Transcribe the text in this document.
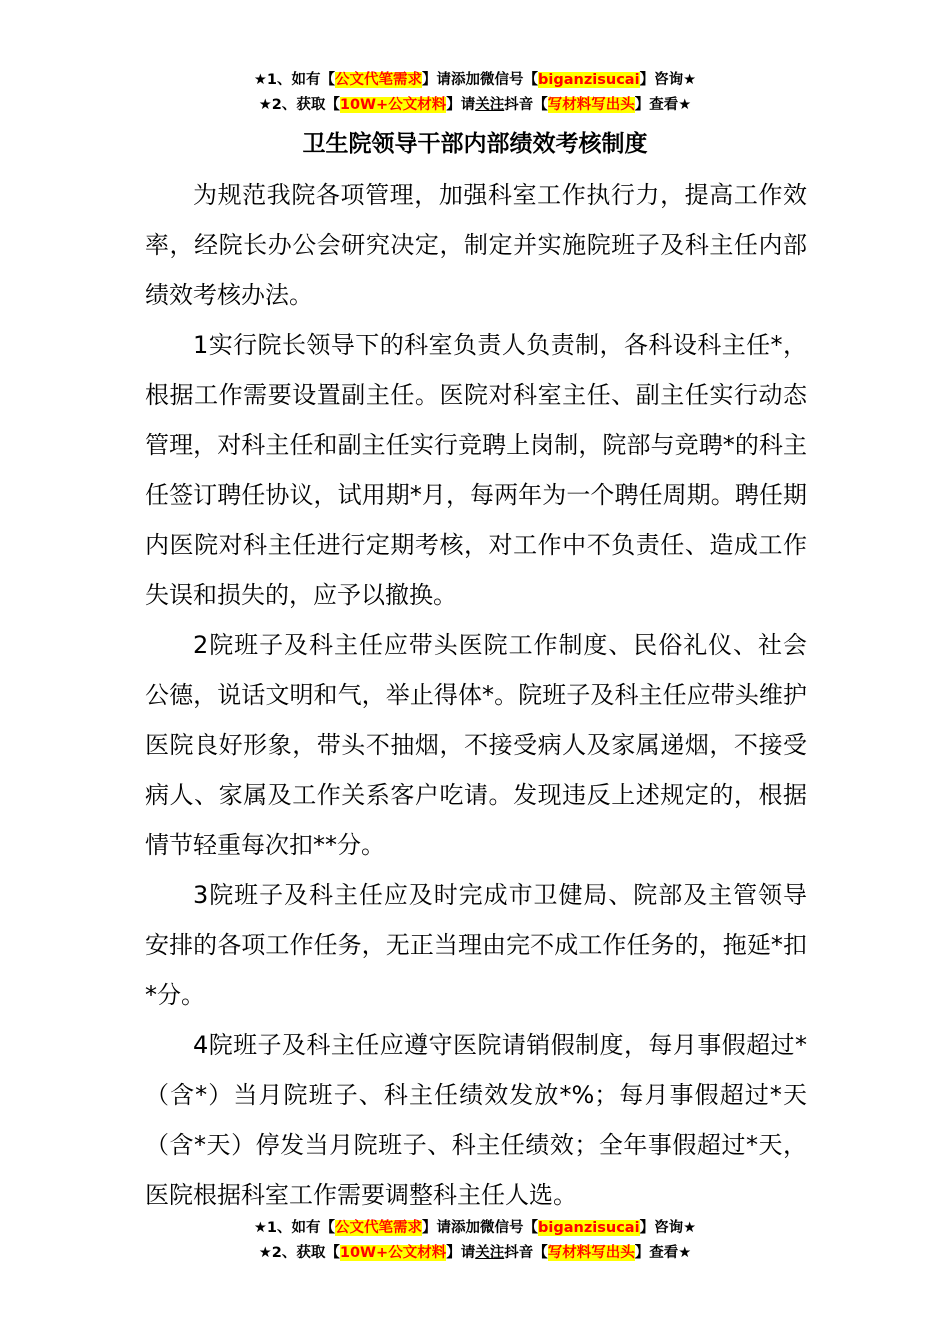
★1、如有【公文代笔需求】请添加微信号【biganzisucai】咨询★
★2、获取【10W+公文材料】请关注抖音【写材料写出头】查看★
卫生院领导干部内部绩效考核制度

为规范我院各项管理，加强科室工作执行力，提高工作效率，经院长办公会研究决定，制定并实施院班子及科主任内部绩效考核办法。

1实行院长领导下的科室负责人负责制，各科设科主任*，根据工作需要设置副主任。医院对科室主任、副主任实行动态管理，对科主任和副主任实行竞聘上岗制，院部与竞聘*的科主任签订聘任协议，试用期*月，每两年为一个聘任周期。聘任期内医院对科主任进行定期考核，对工作中不负责任、造成工作失误和损失的，应予以撤换。

2院班子及科主任应带头医院工作制度、民俗礼仪、社会公德，说话文明和气，举止得体*。院班子及科主任应带头维护医院良好形象，带头不抽烟，不接受病人及家属递烟，不接受病人、家属及工作关系客户吃请。发现违反上述规定的，根据情节轻重每次扣**分。

3院班子及科主任应及时完成市卫健局、院部及主管领导安排的各项工作任务，无正当理由完不成工作任务的，拖延*扣*分。

4院班子及科主任应遵守医院请销假制度，每月事假超过*（含*）当月院班子、科主任绩效发放*%；每月事假超过*天（含*天）停发当月院班子、科主任绩效；全年事假超过*天，医院根据科室工作需要调整科主任人选。

★1、如有【公文代笔需求】请添加微信号【biganzisucai】咨询★
★2、获取【10W+公文材料】请关注抖音【写材料写出头】查看★
